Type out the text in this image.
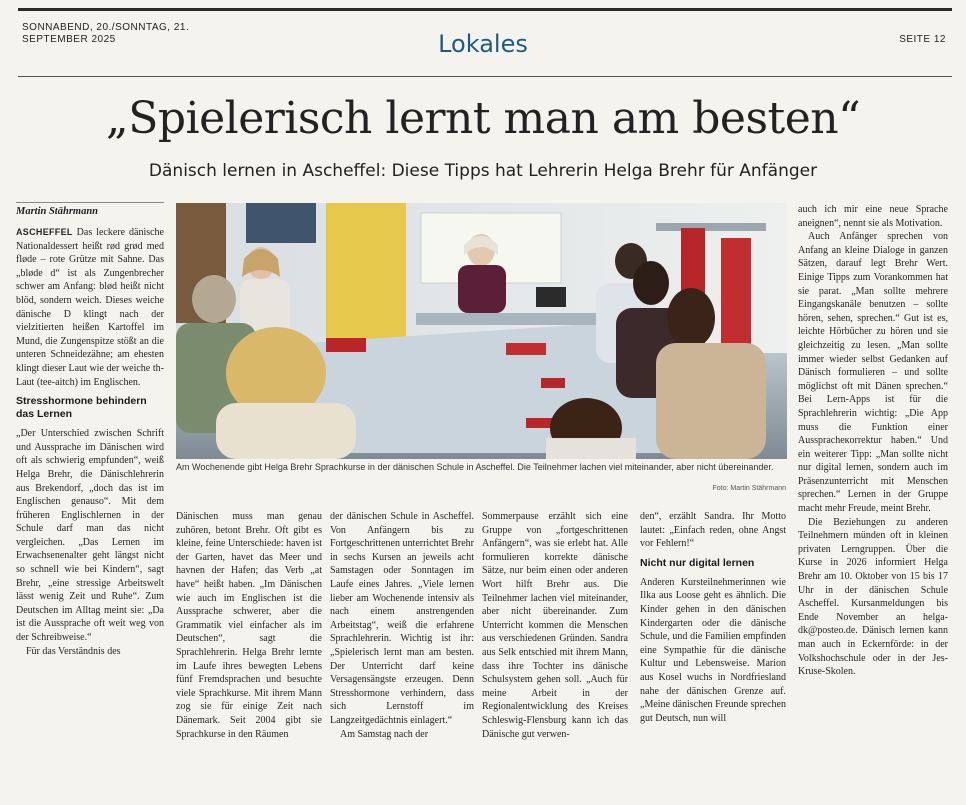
SONNABEND, 20./SONNTAG, 21.
SEPTEMBER 2025	Lokales	SEITE 12
„Spielerisch lernt man am besten“
Dänisch lernen in Ascheffel: Diese Tipps hat Lehrerin Helga Brehr für Anfänger
Martin Stährmann

ASCHEFFEL Das leckere dänische Nationaldessert heißt rød grød med fløde – rote Grütze mit Sahne. Das „bløde d“ ist als Zungenbrecher schwer am Anfang: blød heißt nicht blöd, sondern weich. Dieses weiche dänische D klingt nach der vielzitierten heißen Kartoffel im Mund, die Zungenspitze stößt an die unteren Schneidezähne; am ehesten klingt dieser Laut wie der weiche th-Laut (tee-aitch) im Englischen.

Stresshormone behindern das Lernen

„Der Unterschied zwischen Schrift und Aussprache im Dänischen wird oft als schwierig empfunden“, weiß Helga Brehr, die Dänischlehrerin aus Brekendorf, „doch das ist im Englischen genauso“. Mit dem früheren Englischlernen in der Schule darf man das nicht vergleichen. „Das Lernen im Erwachsenenalter geht längst nicht so schnell wie bei Kindern“, sagt Brehr, „eine stressige Arbeitswelt lässt wenig Zeit und Ruhe“. Zum Deutschen im Alltag meint sie: „Da ist die Aussprache oft weit weg von der Schreibweise.“

Für das Verständnis des

Am Wochenende gibt Helga Brehr Sprachkurse in der dänischen Schule in Ascheffel. Die Teilnehmer lachen viel miteinander, aber nicht übereinander.
Foto: Martin Stährmann

Dänischen muss man genau zuhören, betont Brehr. Oft gibt es kleine, feine Unterschiede: haven ist der Garten, havet das Meer und havnen der Hafen; das Verb „at have“ heißt haben. „Im Dänischen wie auch im Englischen ist die Aussprache schwerer, aber die Grammatik viel einfacher als im Deutschen“, sagt die Sprachlehrerin. Helga Brehr lernte im Laufe ihres bewegten Lebens fünf Fremdsprachen und besuchte viele Sprachkurse. Mit ihrem Mann zog sie für einige Zeit nach Dänemark. Seit 2004 gibt sie Sprachkurse in den Räumen

der dänischen Schule in Ascheffel. Von Anfängern bis zu Fortgeschrittenen unterrichtet Brehr in sechs Kursen an jeweils acht Samstagen oder Sonntagen im Laufe eines Jahres. „Viele lernen lieber am Wochenende intensiv als nach einem anstrengenden Arbeitstag“, weiß die erfahrene Sprachlehrerin. Wichtig ist ihr: „Spielerisch lernt man am besten. Der Unterricht darf keine Versagensängste erzeugen. Denn Stresshormone verhindern, dass sich Lernstoff im Langzeitgedächtnis einlagert.“

Am Samstag nach der

Sommerpause erzählt sich eine Gruppe von „fortgeschrittenen Anfängern“, was sie erlebt hat. Alle formulieren korrekte dänische Sätze, nur beim einen oder anderen Wort hilft Brehr aus. Die Teilnehmer lachen viel miteinander, aber nicht übereinander. Zum Unterricht kommen die Menschen aus verschiedenen Gründen. Sandra aus Selk entschied mit ihrem Mann, dass ihre Tochter ins dänische Schulsystem gehen soll. „Auch für meine Arbeit in der Regionalentwicklung des Kreises Schleswig-Flensburg kann ich das Dänische gut verwen-

den“, erzählt Sandra. Ihr Motto lautet: „Einfach reden, ohne Angst vor Fehlern!“

Nicht nur digital lernen

Anderen Kursteilnehmerinnen wie Ilka aus Loose geht es ähnlich. Die Kinder gehen in den dänischen Kindergarten oder die dänische Schule, und die Familien empfinden eine Sympathie für die dänische Kultur und Lebensweise. Marion aus Kosel wuchs in Nordfriesland nahe der dänischen Grenze auf. „Meine dänischen Freunde sprechen gut Deutsch, nun will

auch ich mir eine neue Sprache aneignen“, nennt sie als Motivation.

Auch Anfänger sprechen von Anfang an kleine Dialoge in ganzen Sätzen, darauf legt Brehr Wert. Einige Tipps zum Vorankommen hat sie parat. „Man sollte mehrere Eingangskanäle benutzen – sollte hören, sehen, sprechen.“ Gut ist es, leichte Hörbücher zu hören und sie gleichzeitig zu lesen. „Man sollte immer wieder selbst Gedanken auf Dänisch formulieren – und sollte möglichst oft mit Dänen sprechen.“ Bei Lern-Apps ist für die Sprachlehrerin wichtig: „Die App muss die Funktion einer Ausspracheкorrektur haben.“ Und ein weiterer Tipp: „Man sollte nicht nur digital lernen, sondern auch im Präsenzunterricht mit Menschen sprechen.“ Lernen in der Gruppe macht mehr Freude, meint Brehr.

Die Beziehungen zu anderen Teilnehmern münden oft in kleinen privaten Lerngruppen. Über die Kurse in 2026 informiert Helga Brehr am 10. Oktober von 15 bis 17 Uhr in der dänischen Schule Ascheffel. Kursanmeldungen bis Ende November an helga-dk@posteo.de. Dänisch lernen kann man auch in Eckernförde: in der Volkshochschule oder in der Jes-Kruse-Skolen.
